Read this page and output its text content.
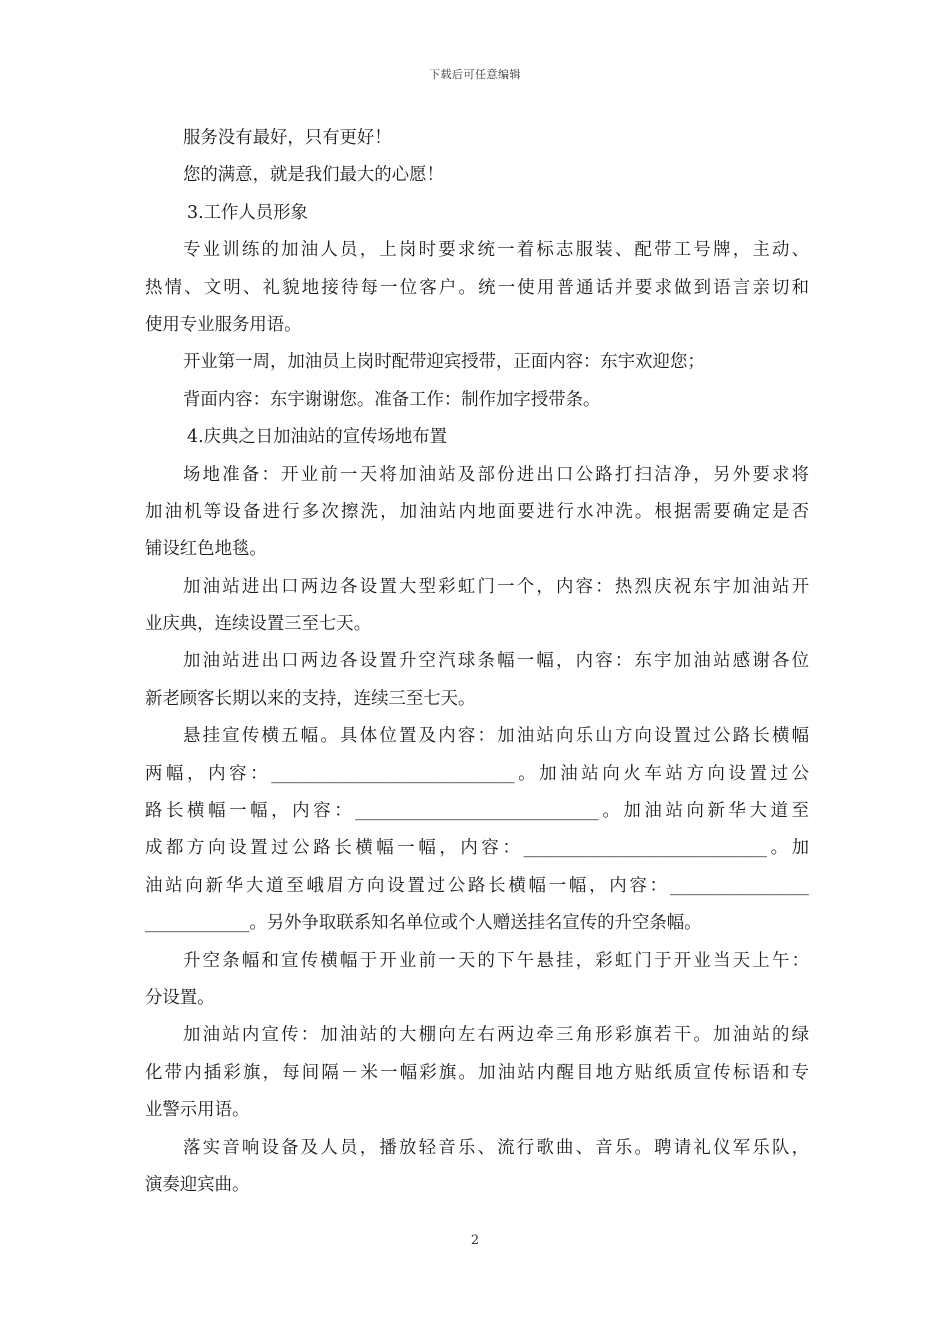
下载后可任意编辑
服务没有最好，只有更好！
您的满意，就是我们最大的心愿！
3.工作人员形象
专业训练的加油人员，上岗时要求统一着标志服装、配带工号牌，主动、
热情、文明、礼貌地接待每一位客户。统一使用普通话并要求做到语言亲切和
使用专业服务用语。
开业第一周，加油员上岗时配带迎宾授带，正面内容：东宇欢迎您；
背面内容：东宇谢谢您。准备工作：制作加字授带条。
4.庆典之日加油站的宣传场地布置
场地准备：开业前一天将加油站及部份进出口公路打扫洁净，另外要求将
加油机等设备进行多次擦洗，加油站内地面要进行水冲洗。根据需要确定是否
铺设红色地毯。
加油站进出口两边各设置大型彩虹门一个，内容：热烈庆祝东宇加油站开
业庆典，连续设置三至七天。
加油站进出口两边各设置升空汽球条幅一幅，内容：东宇加油站感谢各位
新老顾客长期以来的支持，连续三至七天。
悬挂宣传横五幅。具体位置及内容：加油站向乐山方向设置过公路长横幅
两幅，内容：____________________________。加油站向火车站方向设置过公
路长横幅一幅，内容：____________________________。加油站向新华大道至
成都方向设置过公路长横幅一幅，内容：____________________________。加
油站向新华大道至峨眉方向设置过公路长横幅一幅，内容：________________
____________。另外争取联系知名单位或个人赠送挂名宣传的升空条幅。
升空条幅和宣传横幅于开业前一天的下午悬挂，彩虹门于开业当天上午：
分设置。
加油站内宣传：加油站的大棚向左右两边牵三角形彩旗若干。加油站的绿
化带内插彩旗，每间隔－米一幅彩旗。加油站内醒目地方贴纸质宣传标语和专
业警示用语。
落实音响设备及人员，播放轻音乐、流行歌曲、音乐。聘请礼仪军乐队，
演奏迎宾曲。
2
